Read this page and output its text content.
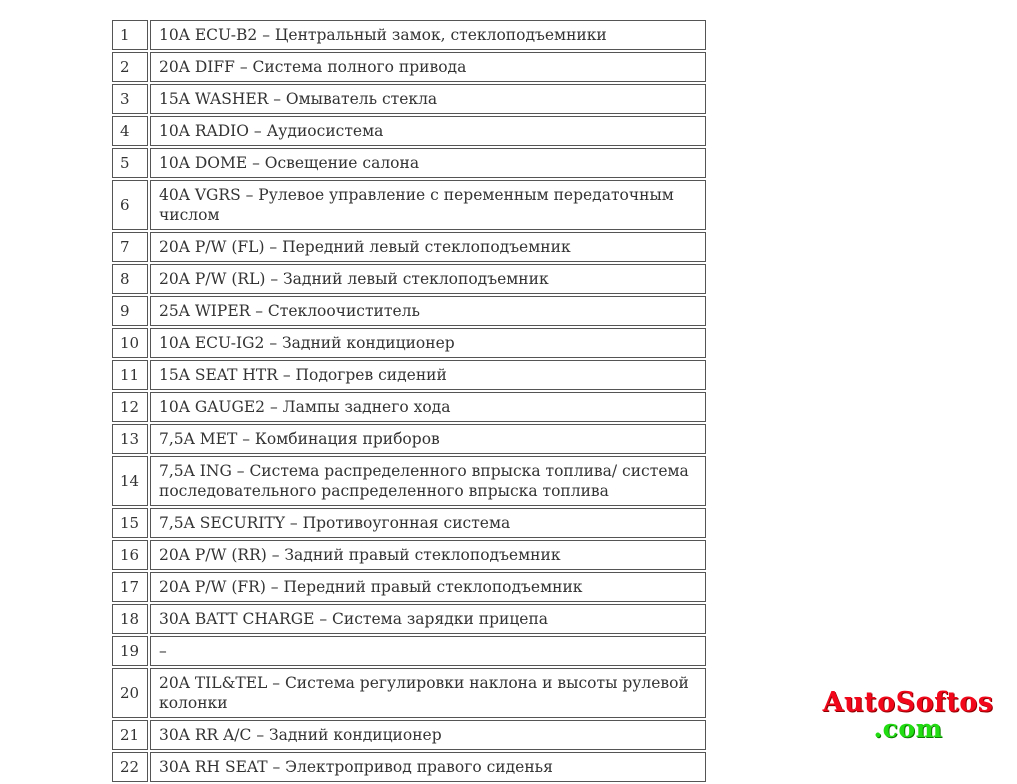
1	10A ECU-B2 – Центральный замок, стеклоподъемники
2	20A DIFF – Система полного привода
3	15A WASHER – Омыватель стекла
4	10A RADIO – Аудиосистема
5	10A DOME – Освещение салона
6	40A VGRS – Рулевое управление с переменным передаточным числом
7	20A P/W (FL) – Передний левый стеклоподъемник
8	20A P/W (RL) – Задний левый стеклоподъемник
9	25A WIPER – Стеклоочиститель
10	10A ECU-IG2 – Задний кондиционер
11	15A SEAT HTR – Подогрев сидений
12	10A GAUGE2 – Лампы заднего хода
13	7,5A MET – Комбинация приборов
14	7,5A ING – Система распределенного впрыска топлива/ система последовательного распределенного впрыска топлива
15	7,5A SECURITY – Противоугонная система
16	20A P/W (RR) – Задний правый стеклоподъемник
17	20A P/W (FR) – Передний правый стеклоподъемник
18	30A BATT CHARGE – Система зарядки прицепа
19	–
20	20A TIL&TEL – Система регулировки наклона и высоты рулевой колонки
21	30A RR A/C – Задний кондиционер
22	30A RH SEAT – Электропривод правого сиденья
AutoSoftos
.com
